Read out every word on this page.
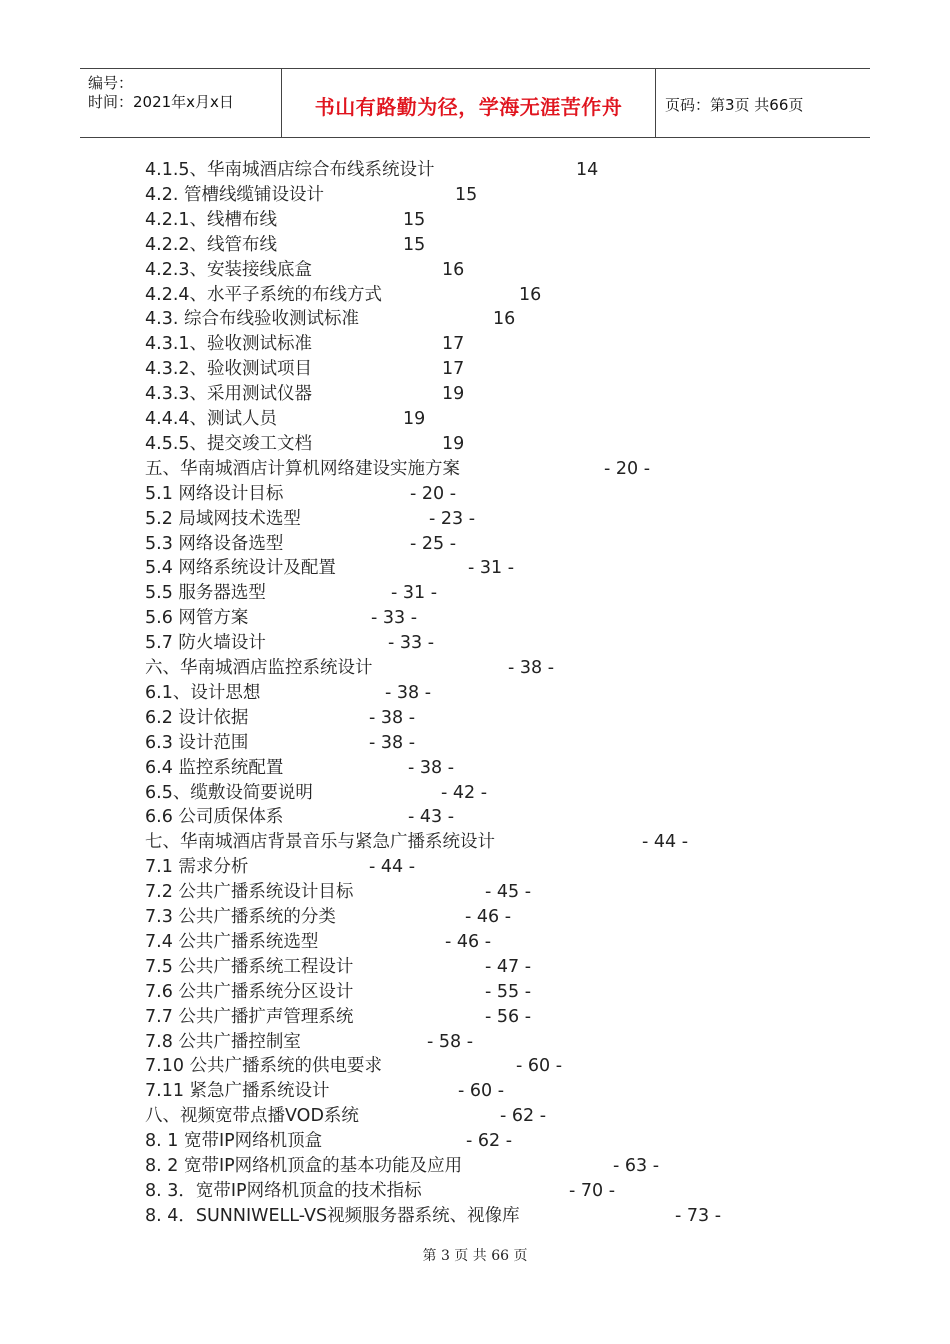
编号：
时间：2021年x月x日	书山有路勤为径，学海无涯苦作舟	页码：第3页 共66页
4.1.5、华南城酒店综合布线系统设计	14
4.2. 管槽线缆铺设设计	15
4.2.1、线槽布线	15
4.2.2、线管布线	15
4.2.3、安装接线底盒	16
4.2.4、水平子系统的布线方式	16
4.3. 综合布线验收测试标准	16
4.3.1、验收测试标准	17
4.3.2、验收测试项目	17
4.3.3、采用测试仪器	19
4.4.4、测试人员	19
4.5.5、提交竣工文档	19
五、华南城酒店计算机网络建设实施方案	- 20 -
5.1 网络设计目标	- 20 -
5.2 局域网技术选型	- 23 -
5.3 网络设备选型	- 25 -
5.4 网络系统设计及配置	- 31 -
5.5 服务器选型	- 31 -
5.6 网管方案	- 33 -
5.7 防火墙设计	- 33 -
六、华南城酒店监控系统设计	- 38 -
6.1、设计思想	- 38 -
6.2 设计依据	- 38 -
6.3 设计范围	- 38 -
6.4 监控系统配置	- 38 -
6.5、缆敷设简要说明	- 42 -
6.6 公司质保体系	- 43 -
七、华南城酒店背景音乐与紧急广播系统设计	- 44 -
7.1 需求分析	- 44 -
7.2 公共广播系统设计目标	- 45 -
7.3 公共广播系统的分类	- 46 -
7.4 公共广播系统选型	- 46 -
7.5 公共广播系统工程设计	- 47 -
7.6 公共广播系统分区设计	- 55 -
7.7 公共广播扩声管理系统	- 56 -
7.8 公共广播控制室	- 58 -
7.10 公共广播系统的供电要求	- 60 -
7.11 紧急广播系统设计	- 60 -
八、视频宽带点播VOD系统	- 62 -
8. 1 宽带IP网络机顶盒	- 62 -
8. 2 宽带IP网络机顶盒的基本功能及应用	- 63 -
8. 3．宽带IP网络机顶盒的技术指标	- 70 -
8. 4．SUNNIWELL-VS视频服务器系统、视像库	- 73 -
第 3 页 共 66 页
